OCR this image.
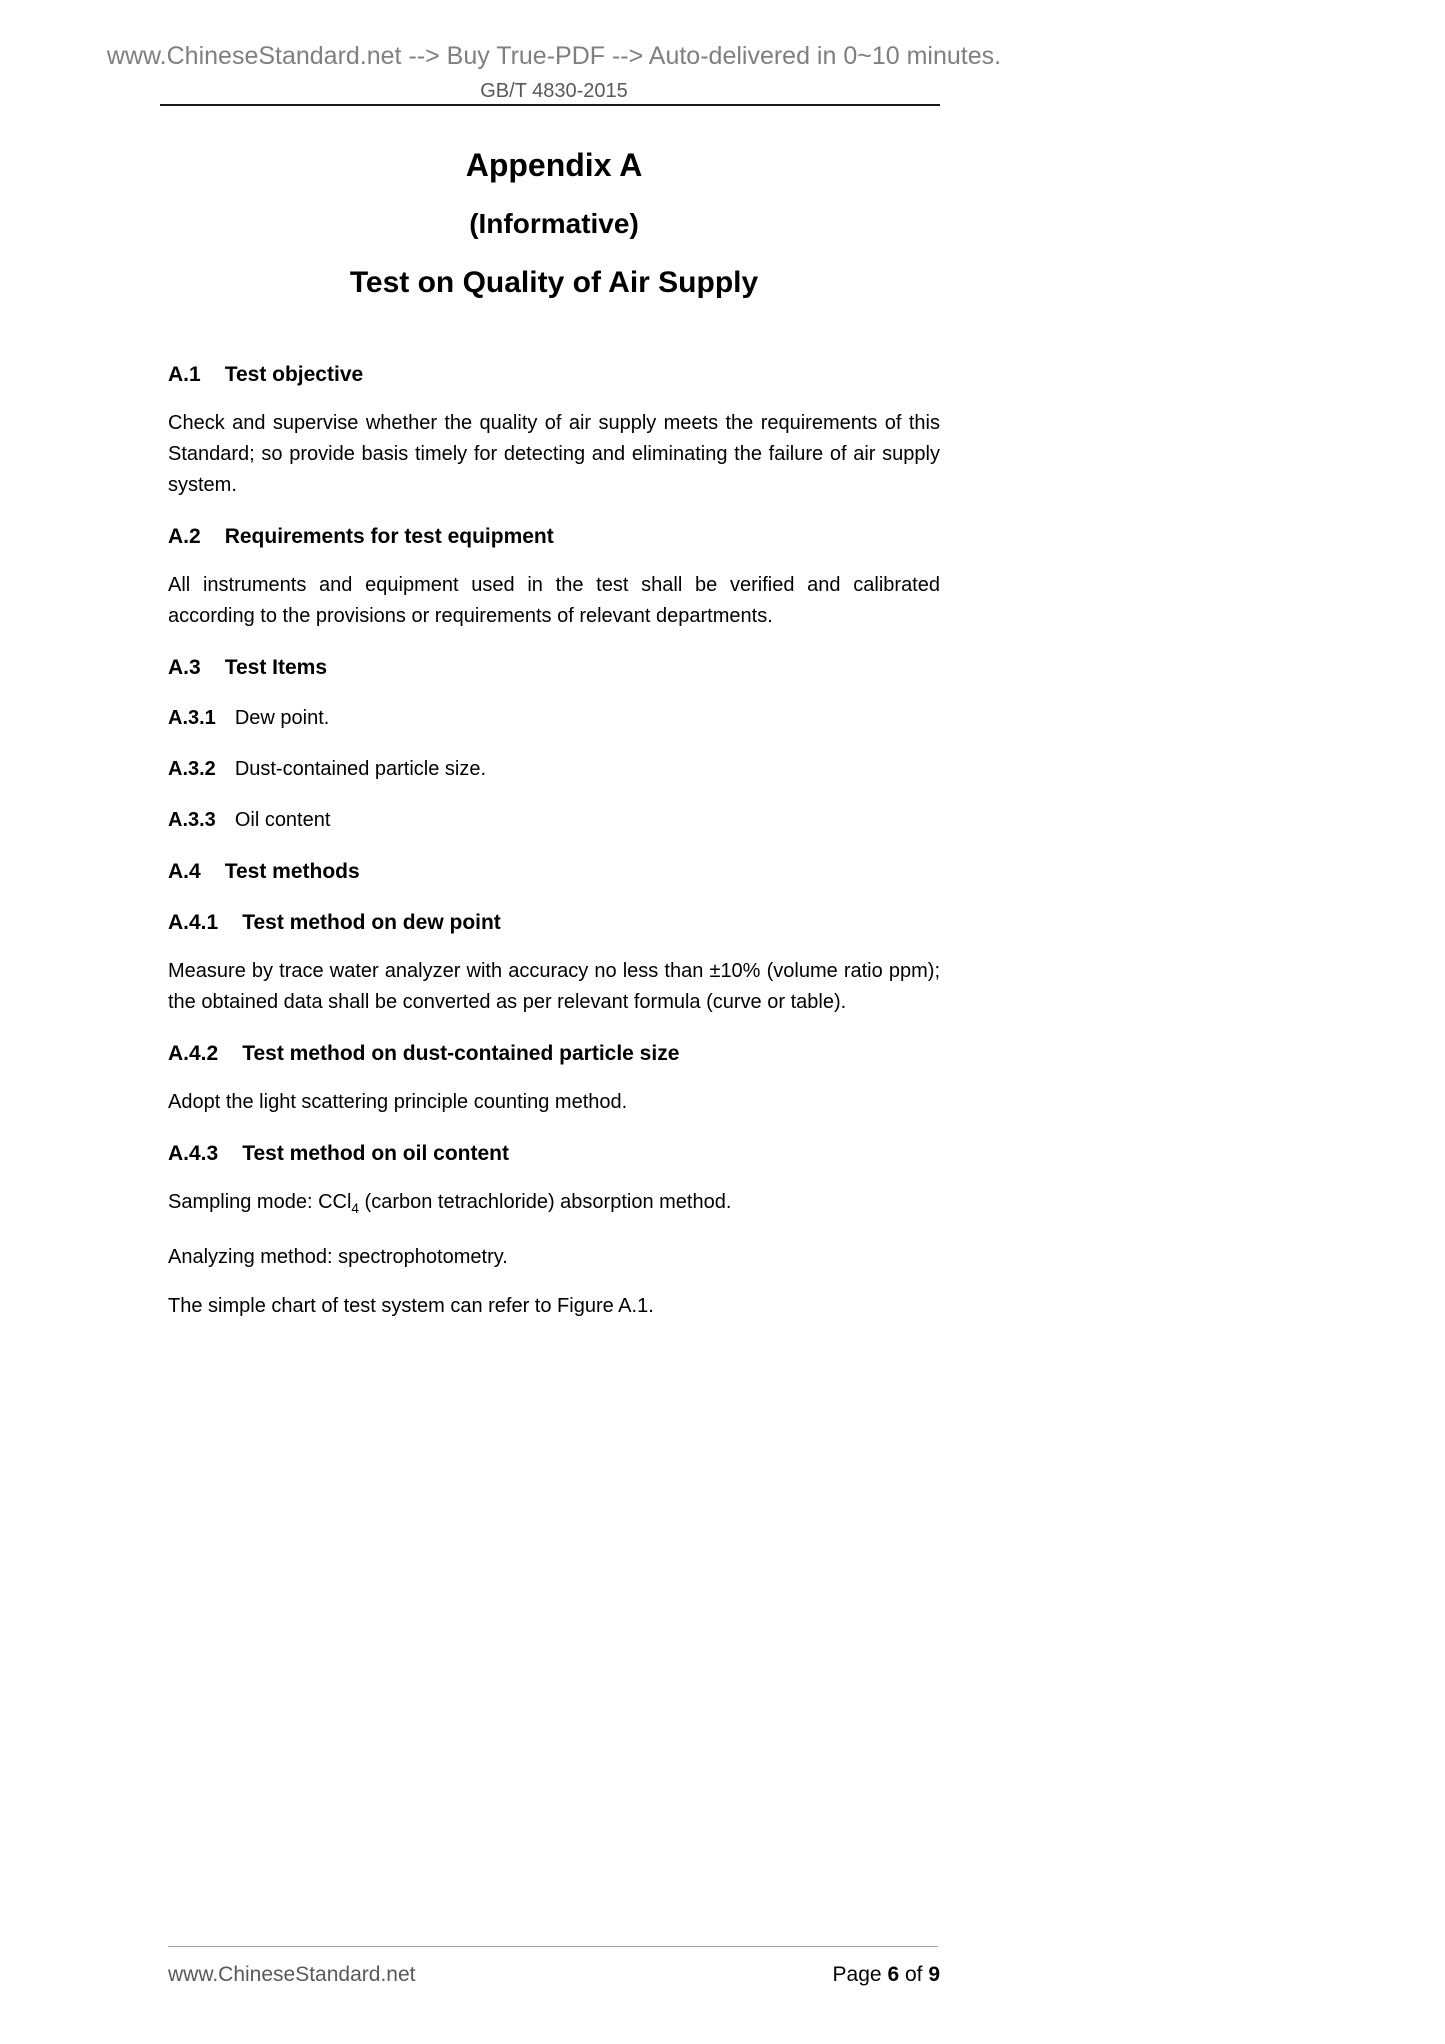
www.ChineseStandard.net --> Buy True-PDF --> Auto-delivered in 0~10 minutes.
GB/T 4830-2015
Appendix A
(Informative)
Test on Quality of Air Supply
A.1 Test objective

Check and supervise whether the quality of air supply meets the requirements of this Standard; so provide basis timely for detecting and eliminating the failure of air supply system.

A.2 Requirements for test equipment

All instruments and equipment used in the test shall be verified and calibrated according to the provisions or requirements of relevant departments.

A.3 Test Items

A.3.1 Dew point.

A.3.2 Dust-contained particle size.

A.3.3 Oil content

A.4 Test methods
A.4.1 Test method on dew point

Measure by trace water analyzer with accuracy no less than ±10% (volume ratio ppm); the obtained data shall be converted as per relevant formula (curve or table).

A.4.2 Test method on dust-contained particle size

Adopt the light scattering principle counting method.

A.4.3 Test method on oil content

Sampling mode: CCl$_4$ (carbon tetrachloride) absorption method.

Analyzing method: spectrophotometry.

The simple chart of test system can refer to Figure A.1.

www.ChineseStandard.net	Page 6 of 9
